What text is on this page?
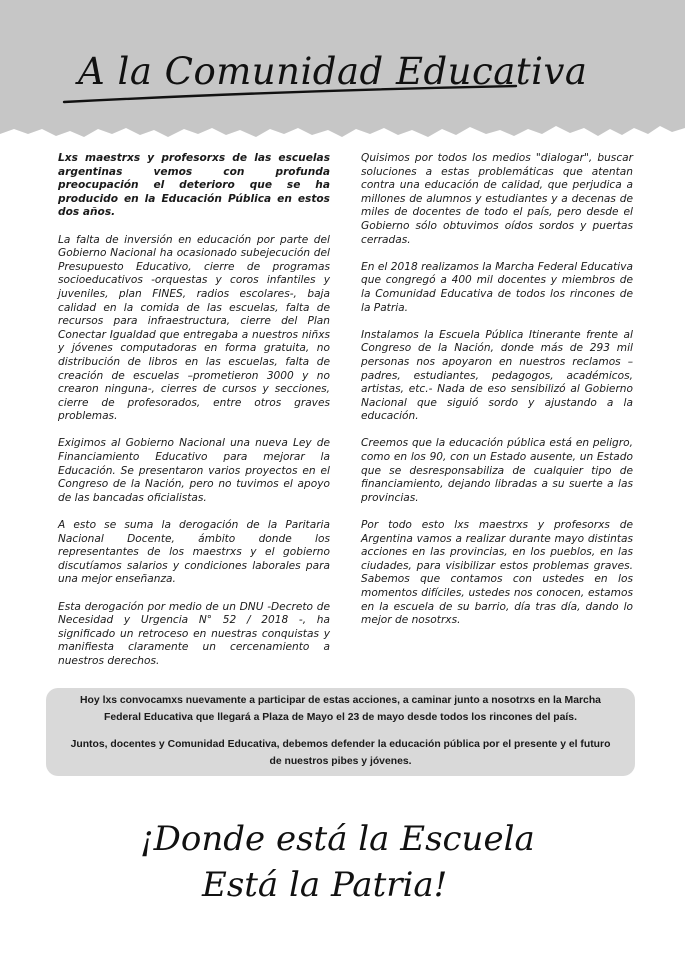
A la Comunidad Educativa

Lxs maestrxs y profesorxs de las escuelas argentinas vemos con profunda preocupación el deterioro que se ha producido en la Educación Pública en estos dos años.

La falta de inversión en educación por parte del Gobierno Nacional ha ocasionado subejecución del Presupuesto Educativo, cierre de programas socioeducativos -orquestas y coros infantiles y juveniles, plan FINES, radios escolares-, baja calidad en la comida de las escuelas, falta de recursos para infraestructura, cierre del Plan Conectar Igualdad que entregaba a nuestros niñxs y jóvenes computadoras en forma gratuita, no distribución de libros en las escuelas, falta de creación de escuelas –prometieron 3000 y no crearon ninguna-, cierres de cursos y secciones, cierre de profesorados, entre otros graves problemas.

Exigimos al Gobierno Nacional una nueva Ley de Financiamiento Educativo para mejorar la Educación. Se presentaron varios proyectos en el Congreso de la Nación, pero no tuvimos el apoyo de las bancadas oficialistas.

A esto se suma la derogación de la Paritaria Nacional Docente, ámbito donde los representantes de los maestrxs y el gobierno discutíamos salarios y condiciones laborales para una mejor enseñanza.

Esta derogación por medio de un DNU -Decreto de Necesidad y Urgencia N° 52 / 2018 -, ha significado un retroceso en nuestras conquistas y manifiesta claramente un cercenamiento a nuestros derechos.

Quisimos por todos los medios "dialogar", buscar soluciones a estas problemáticas que atentan contra una educación de calidad, que perjudica a millones de alumnos y estudiantes y a decenas de miles de docentes de todo el país, pero desde el Gobierno sólo obtuvimos oídos sordos y puertas cerradas.

En el 2018 realizamos la Marcha Federal Educativa que congregó a 400 mil docentes y miembros de la Comunidad Educativa de todos los rincones de la Patria.

Instalamos la Escuela Pública Itinerante frente al Congreso de la Nación, donde más de 293 mil personas nos apoyaron en nuestros reclamos – padres, estudiantes, pedagogos, académicos, artistas, etc.- Nada de eso sensibilizó al Gobierno Nacional que siguió sordo y ajustando a la educación.

Creemos que la educación pública está en peligro, como en los 90, con un Estado ausente, un Estado que se desresponsabiliza de cualquier tipo de financiamiento, dejando libradas a su suerte a las provincias.

Por todo esto lxs maestrxs y profesorxs de Argentina vamos a realizar durante mayo distintas acciones en las provincias, en los pueblos, en las ciudades, para visibilizar estos problemas graves. Sabemos que contamos con ustedes en los momentos difíciles, ustedes nos conocen, estamos en la escuela de su barrio, día tras día, dando lo mejor de nosotrxs.

Hoy lxs convocamxs nuevamente a participar de estas acciones, a caminar junto a nosotrxs en la Marcha Federal Educativa que llegará a Plaza de Mayo el 23 de mayo desde todos los rincones del país.

Juntos, docentes y Comunidad Educativa, debemos defender la educación pública por el presente y el futuro de nuestros pibes y jóvenes.

¡Donde está la Escuela
Está la Patria!
